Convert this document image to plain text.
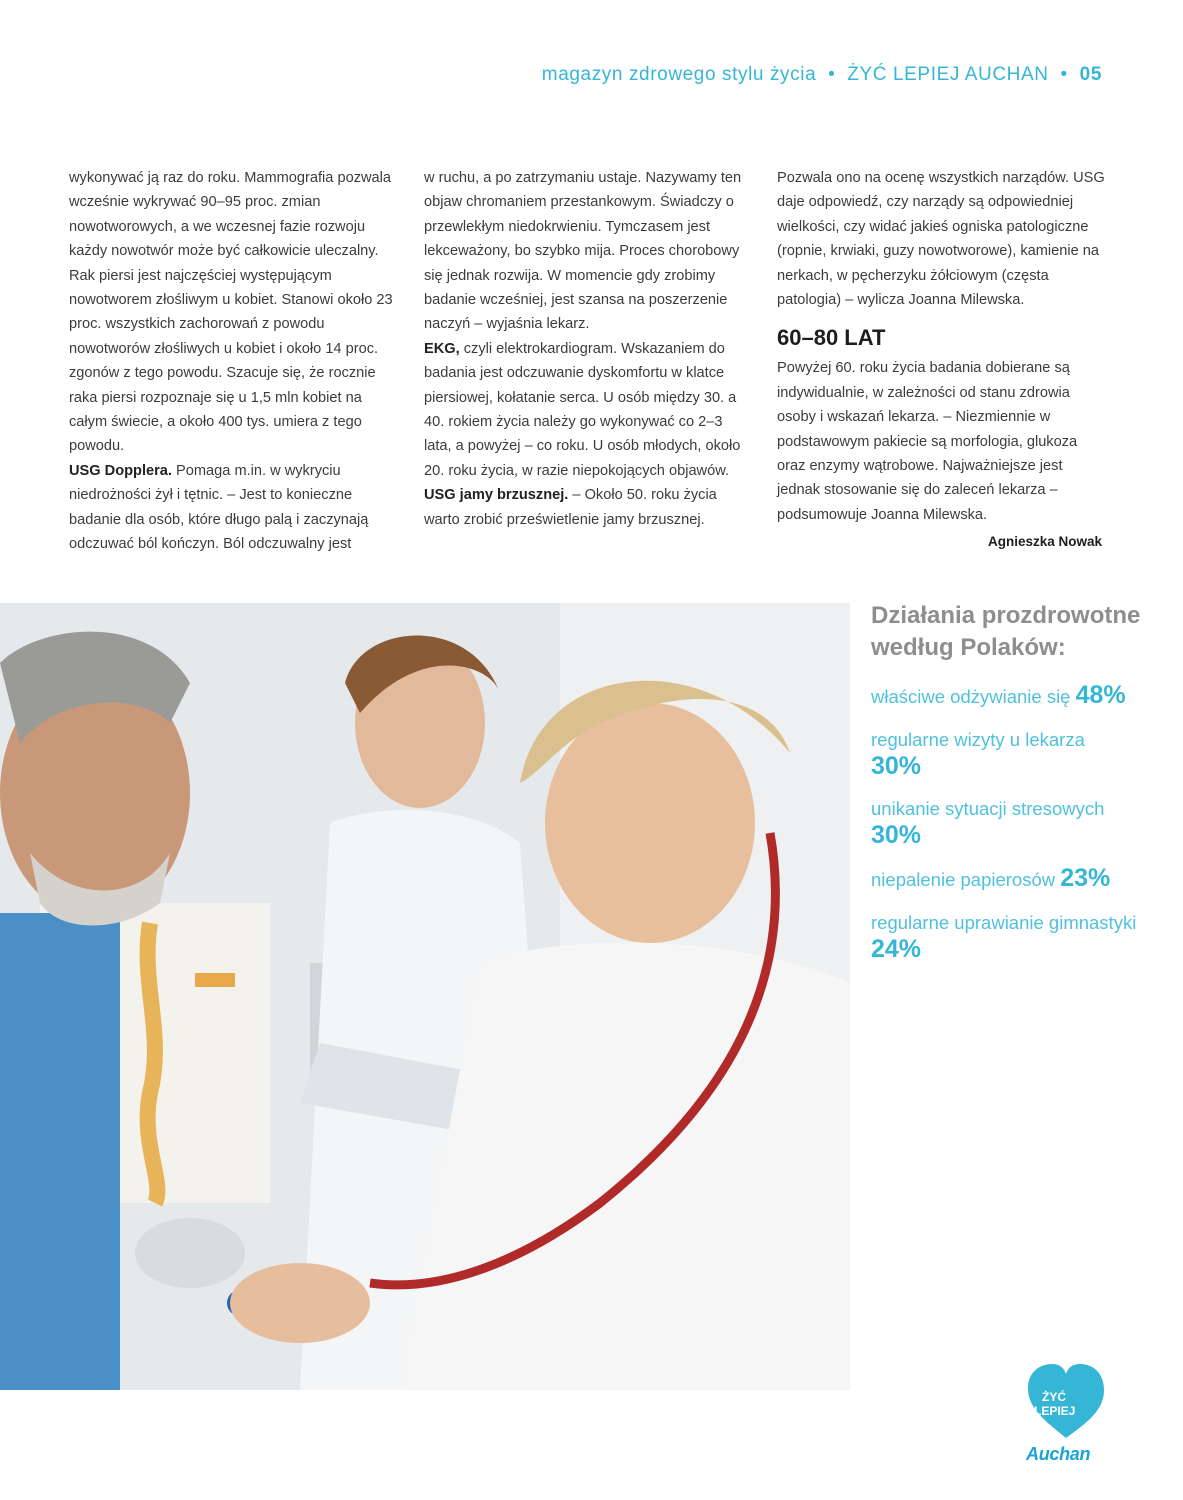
magazyn zdrowego stylu życia • ŻYĆ LEPIEJ AUCHAN • 05

wykonywać ją raz do roku. Mammografia pozwala wcześnie wykrywać 90–95 proc. zmian nowotworowych, a we wczesnej fazie rozwoju każdy nowotwór może być całkowicie uleczalny. Rak piersi jest najczęściej występującym nowotworem złośliwym u kobiet. Stanowi około 23 proc. wszystkich zachorowań z powodu nowotworów złośliwych u kobiet i około 14 proc. zgonów z tego powodu. Szacuje się, że rocznie raka piersi rozpoznaje się u 1,5 mln kobiet na całym świecie, a około 400 tys. umiera z tego powodu.

USG Dopplera. Pomaga m.in. w wykryciu niedrożności żył i tętnic. – Jest to konieczne badanie dla osób, które długo palą i zaczynają odczuwać ból kończyn. Ból odczuwalny jest

w ruchu, a po zatrzymaniu ustaje. Nazywamy ten objaw chromaniem przestankowym. Świadczy o przewlekłym niedokrwieniu. Tymczasem jest lekceważony, bo szybko mija. Proces chorobowy się jednak rozwija. W momencie gdy zrobimy badanie wcześniej, jest szansa na poszerzenie naczyń – wyjaśnia lekarz.

EKG, czyli elektrokardiogram. Wskazaniem do badania jest odczuwanie dyskomfortu w klatce piersiowej, kołatanie serca. U osób między 30. a 40. rokiem życia należy go wykonywać co 2–3 lata, a powyżej – co roku. U osób młodych, około 20. roku życia, w razie niepokojących objawów.

USG jamy brzusznej. – Około 50. roku życia warto zrobić prześwietlenie jamy brzusznej.

Pozwala ono na ocenę wszystkich narządów. USG daje odpowiedź, czy narządy są odpowiedniej wielkości, czy widać jakieś ogniska patologiczne (ropnie, krwiaki, guzy nowotworowe), kamienie na nerkach, w pęcherzyku żółciowym (częsta patologia) – wylicza Joanna Milewska.

60–80 LAT

Powyżej 60. roku życia badania dobierane są indywidualnie, w zależności od stanu zdrowia osoby i wskazań lekarza. – Niezmiennie w podstawowym pakiecie są morfologia, glukoza oraz enzymy wątrobowe. Najważniejsze jest jednak stosowanie się do zaleceń lekarza – podsumowuje Joanna Milewska.

Agnieszka Nowak
Działania prozdrowotne według Polaków:
właściwe odżywianie się 48%
regularne wizyty u lekarza
30%
unikanie sytuacji stresowych
30%
niepalenie papierosów 23%
regularne uprawianie gimnastyki 24%
ŻYĆ
LEPIEJ
Auchan
